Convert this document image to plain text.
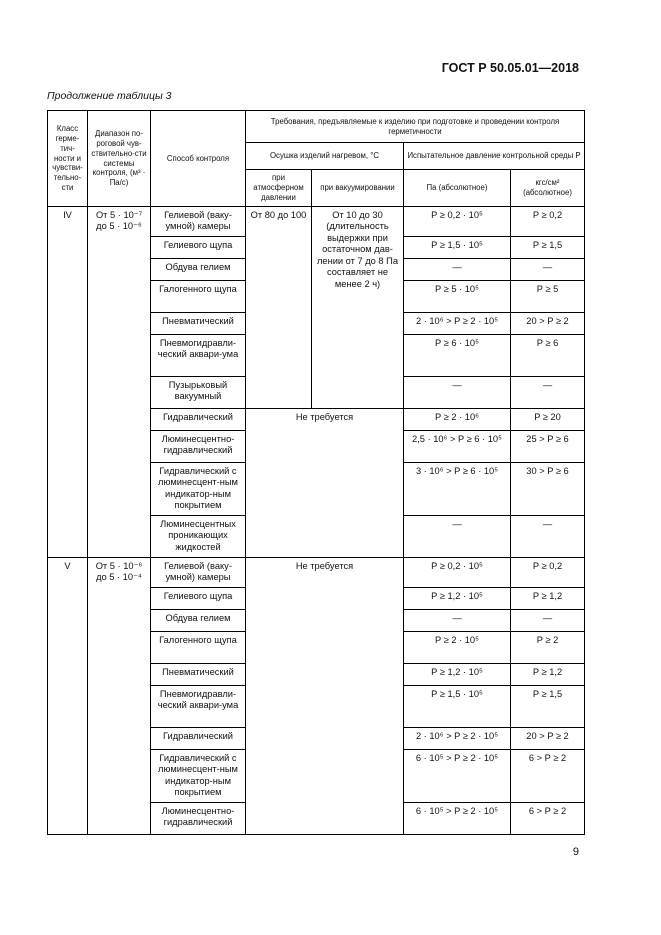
ГОСТ Р 50.05.01—2018
Продолжение таблицы 3
Класс герме-тич-ности и чувстви-тельно-сти	Диапазон по-роговой чув-ствительно-сти системы контроля, (м³ · Па/с)	Способ контроля	Требования, предъявляемые к изделию при подготовке и проведении контроля герметичности			
			Осушка изделий нагревом, °С		Испытательное давление контрольной среды P	
			при атмосферном давлении	при вакуумировании	Па (абсолютное)	кгс/см² (абсолютное)
IV	От 5 · 10⁻⁷ до 5 · 10⁻⁶	Гелиевой (ваку-умной) камеры	От 80 до 100	От 10 до 30 (длительность выдержки при остаточном дав-лении от 7 до 8 Па составляет не менее 2 ч)	P ≥ 0,2 · 10⁵	P ≥ 0,2
		Гелиевого щупа			P ≥ 1,5 · 10⁵	P ≥ 1,5
		Обдува гелием			—	—
		Галогенного щупа			P ≥ 5 · 10⁵	P ≥ 5
		Пневматический			2 · 10⁶ > P ≥ 2 · 10⁵	20 > P ≥ 2
		Пневмогидравли-ческий аквари-ума			P ≥ 6 · 10⁵	P ≥ 6
		Пузырьковый вакуумный			—	—
		Гидравлический	Не требуется		P ≥ 2 · 10⁶	P ≥ 20
		Люминесцентно-гидравлический			2,5 · 10⁶ > P ≥ 6 · 10⁵	25 > P ≥ 6
		Гидравлический с люминесцент-ным индикатор-ным покрытием			3 · 10⁶ > P ≥ 6 · 10⁵	30 > P ≥ 6
		Люминесцентных проникающих жидкостей			—	—
V	От 5 · 10⁻⁶ до 5 · 10⁻⁴	Гелиевой (ваку-умной) камеры	Не требуется		P ≥ 0,2 · 10⁵	P ≥ 0,2
		Гелиевого щупа			P ≥ 1,2 · 10⁵	P ≥ 1,2
		Обдува гелием			—	—
		Галогенного щупа			P ≥ 2 · 10⁵	P ≥ 2
		Пневматический			P ≥ 1,2 · 10⁵	P ≥ 1,2
		Пневмогидравли-ческий аквари-ума			P ≥ 1,5 · 10⁵	P ≥ 1,5
		Гидравлический			2 · 10⁶ > P ≥ 2 · 10⁵	20 > P ≥ 2
		Гидравлический с люминесцент-ным индикатор-ным покрытием			6 · 10⁵ > P ≥ 2 · 10⁵	6 > P ≥ 2
		Люминесцентно-гидравлический			6 · 10⁵ > P ≥ 2 · 10⁵	6 > P ≥ 2
9
